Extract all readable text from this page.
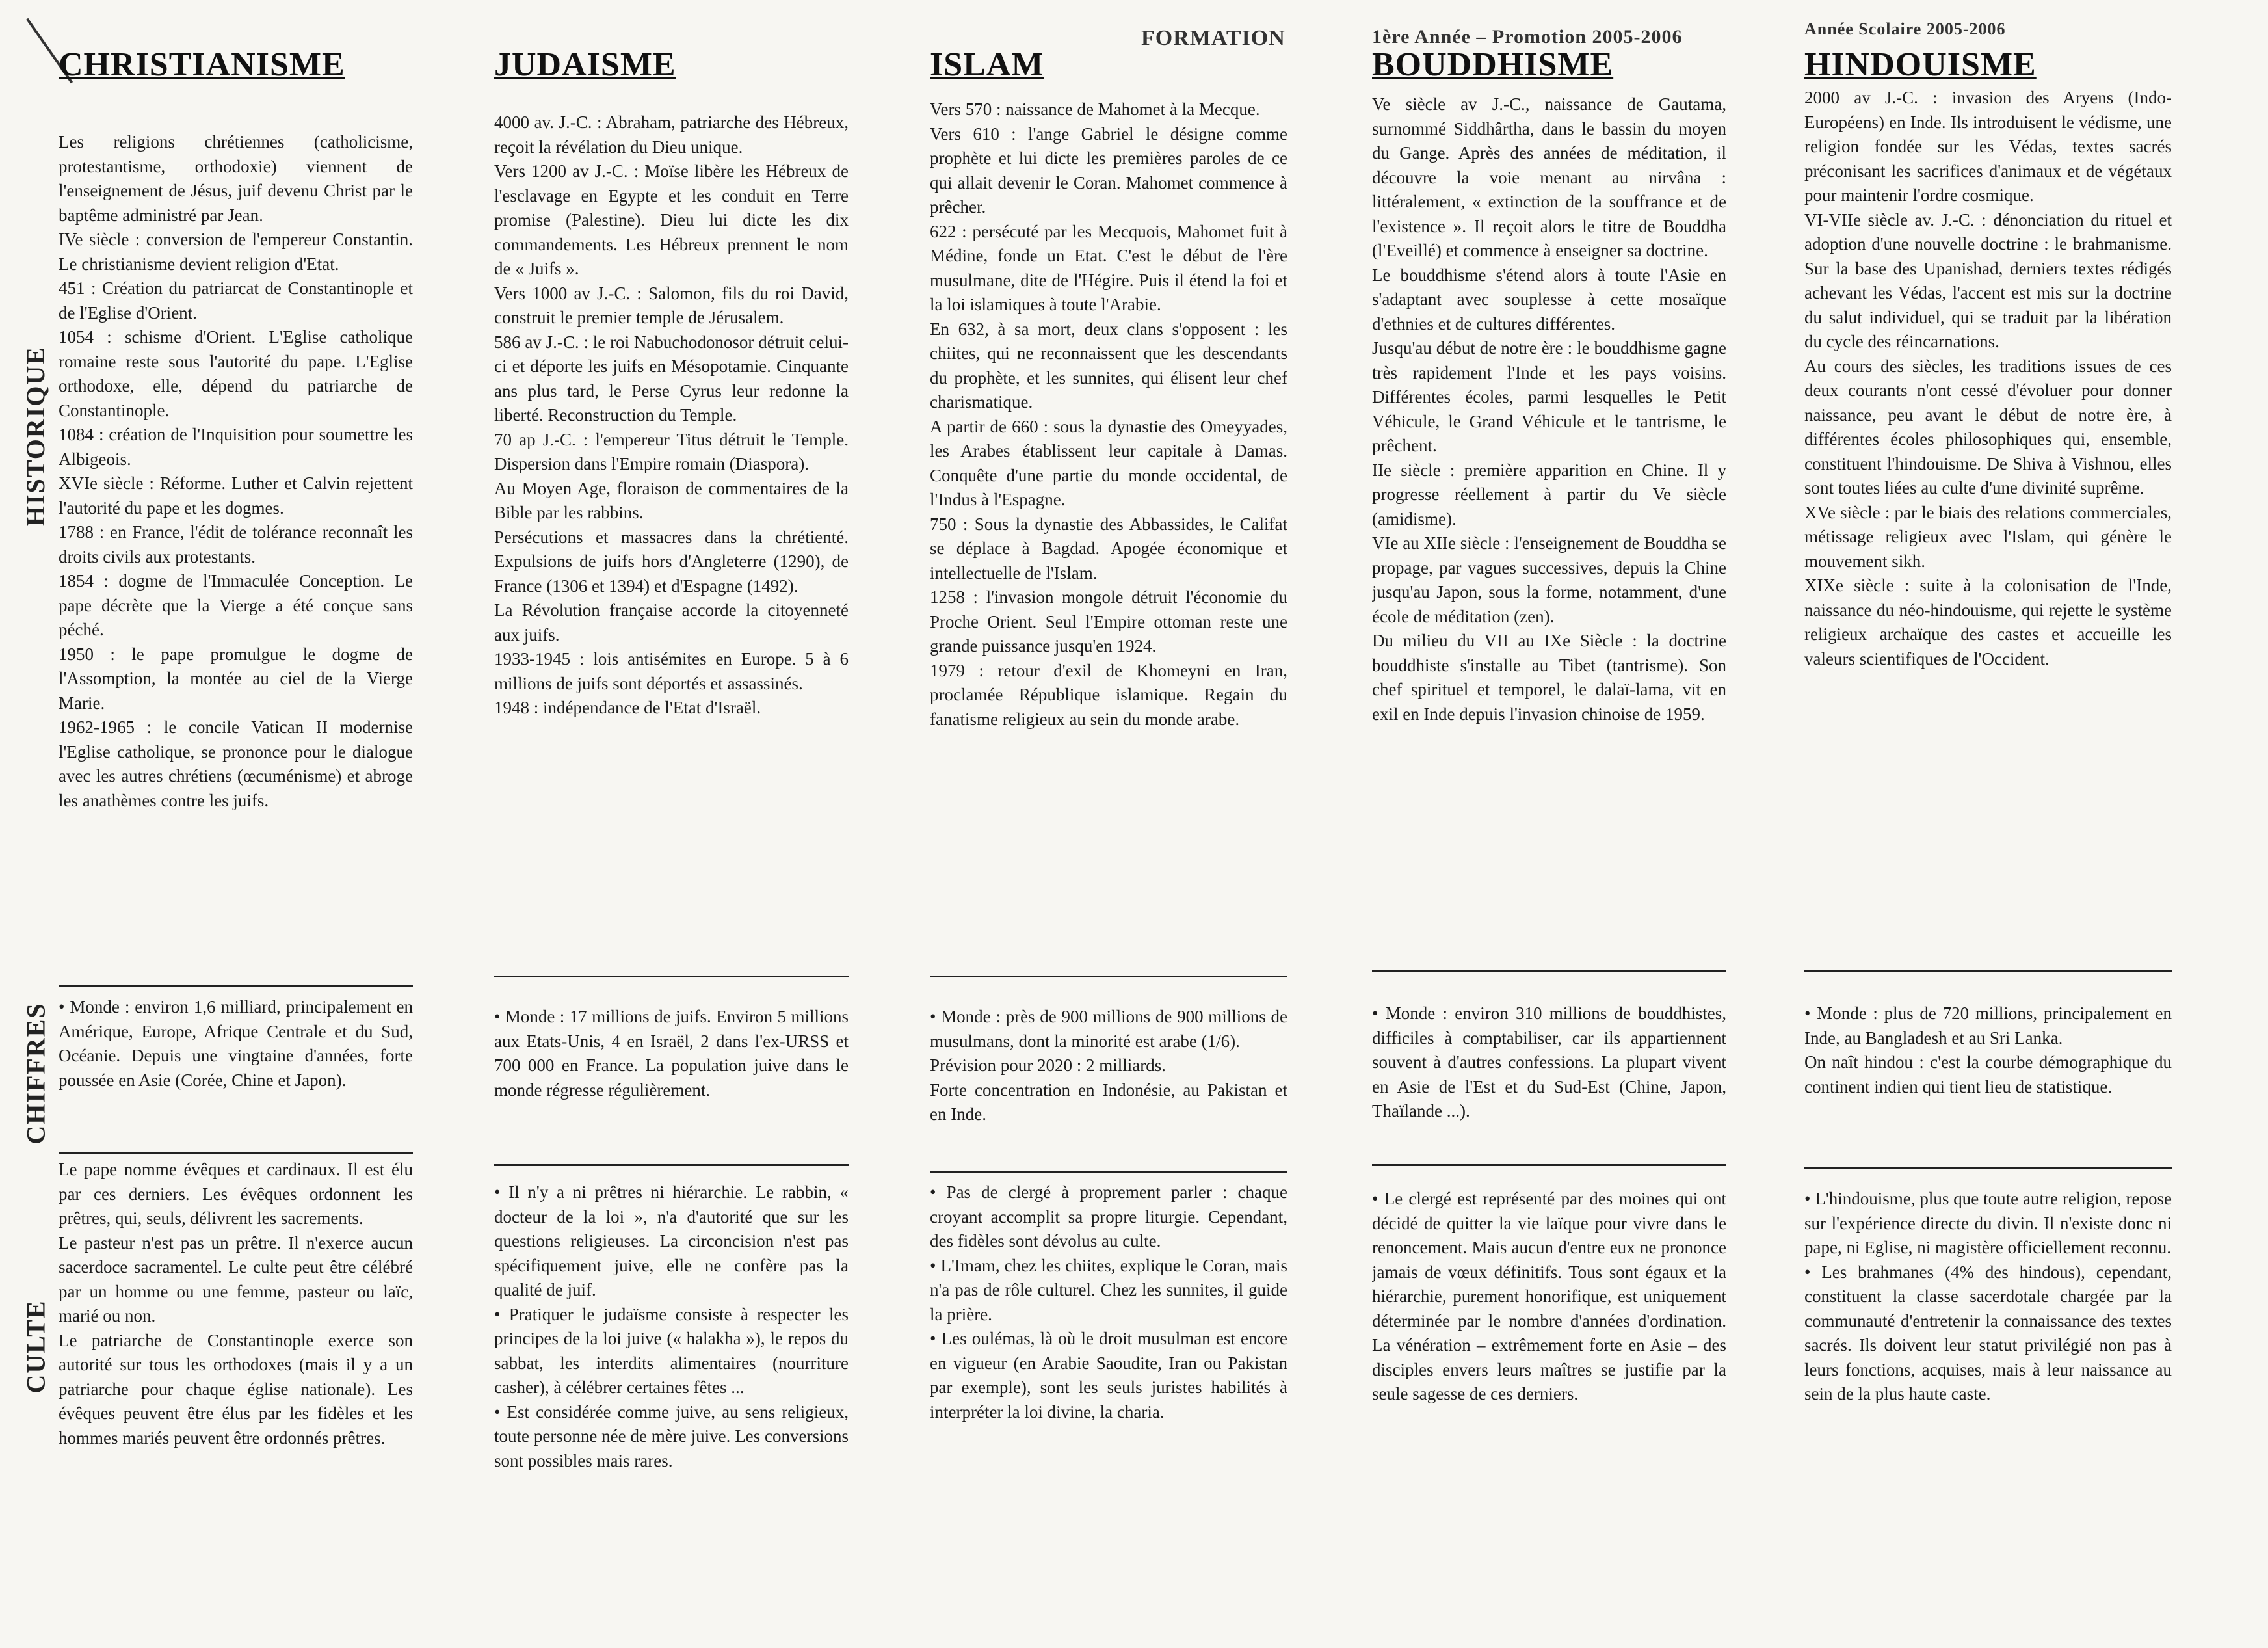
FORMATION	1ère Année – Promotion 2005-2006	Année Scolaire 2005-2006
HISTORIQUE
CHIFFRES
CULTE
CHRISTIANISME

Les religions chrétiennes (catholicisme, protestantisme, orthodoxie) viennent de l'enseignement de Jésus, juif devenu Christ par le baptême administré par Jean.

IVe siècle : conversion de l'empereur Constantin. Le christianisme devient religion d'Etat.

451 : Création du patriarcat de Constantinople et de l'Eglise d'Orient.

1054 : schisme d'Orient. L'Eglise catholique romaine reste sous l'autorité du pape. L'Eglise orthodoxe, elle, dépend du patriarche de Constantinople.

1084 : création de l'Inquisition pour soumettre les Albigeois.

XVIe siècle : Réforme. Luther et Calvin rejettent l'autorité du pape et les dogmes.

1788 : en France, l'édit de tolérance reconnaît les droits civils aux protestants.

1854 : dogme de l'Immaculée Conception. Le pape décrète que la Vierge a été conçue sans péché.

1950 : le pape promulgue le dogme de l'Assomption, la montée au ciel de la Vierge Marie.

1962-1965 : le concile Vatican II modernise l'Eglise catholique, se prononce pour le dialogue avec les autres chrétiens (œcuménisme) et abroge les anathèmes contre les juifs.

• Monde : environ 1,6 milliard, principalement en Amérique, Europe, Afrique Centrale et du Sud, Océanie. Depuis une vingtaine d'années, forte poussée en Asie (Corée, Chine et Japon).

Le pape nomme évêques et cardinaux. Il est élu par ces derniers. Les évêques ordonnent les prêtres, qui, seuls, délivrent les sacrements.

Le pasteur n'est pas un prêtre. Il n'exerce aucun sacerdoce sacramentel. Le culte peut être célébré par un homme ou une femme, pasteur ou laïc, marié ou non.

Le patriarche de Constantinople exerce son autorité sur tous les orthodoxes (mais il y a un patriarche pour chaque église nationale). Les évêques peuvent être élus par les fidèles et les hommes mariés peuvent être ordonnés prêtres.

JUDAISME

4000 av. J.-C. : Abraham, patriarche des Hébreux, reçoit la révélation du Dieu unique.

Vers 1200 av J.-C. : Moïse libère les Hébreux de l'esclavage en Egypte et les conduit en Terre promise (Palestine). Dieu lui dicte les dix commandements. Les Hébreux prennent le nom de « Juifs ».

Vers 1000 av J.-C. : Salomon, fils du roi David, construit le premier temple de Jérusalem.

586 av J.-C. : le roi Nabuchodonosor détruit celui-ci et déporte les juifs en Mésopotamie. Cinquante ans plus tard, le Perse Cyrus leur redonne la liberté. Reconstruction du Temple.

70 ap J.-C. : l'empereur Titus détruit le Temple. Dispersion dans l'Empire romain (Diaspora).

Au Moyen Age, floraison de commentaires de la Bible par les rabbins.

Persécutions et massacres dans la chrétienté. Expulsions de juifs hors d'Angleterre (1290), de France (1306 et 1394) et d'Espagne (1492).

La Révolution française accorde la citoyenneté aux juifs.

1933-1945 : lois antisémites en Europe. 5 à 6 millions de juifs sont déportés et assassinés.

1948 : indépendance de l'Etat d'Israël.

• Monde : 17 millions de juifs. Environ 5 millions aux Etats-Unis, 4 en Israël, 2 dans l'ex-URSS et 700 000 en France. La population juive dans le monde régresse régulièrement.

• Il n'y a ni prêtres ni hiérarchie. Le rabbin, « docteur de la loi », n'a d'autorité que sur les questions religieuses. La circoncision n'est pas spécifiquement juive, elle ne confère pas la qualité de juif.

• Pratiquer le judaïsme consiste à respecter les principes de la loi juive (« halakha »), le repos du sabbat, les interdits alimentaires (nourriture casher), à célébrer certaines fêtes ...

• Est considérée comme juive, au sens religieux, toute personne née de mère juive. Les conversions sont possibles mais rares.

ISLAM

Vers 570 : naissance de Mahomet à la Mecque.

Vers 610 : l'ange Gabriel le désigne comme prophète et lui dicte les premières paroles de ce qui allait devenir le Coran. Mahomet commence à prêcher.

622 : persécuté par les Mecquois, Mahomet fuit à Médine, fonde un Etat. C'est le début de l'ère musulmane, dite de l'Hégire. Puis il étend la foi et la loi islamiques à toute l'Arabie.

En 632, à sa mort, deux clans s'opposent : les chiites, qui ne reconnaissent que les descendants du prophète, et les sunnites, qui élisent leur chef charismatique.

A partir de 660 : sous la dynastie des Omeyyades, les Arabes établissent leur capitale à Damas. Conquête d'une partie du monde occidental, de l'Indus à l'Espagne.

750 : Sous la dynastie des Abbassides, le Califat se déplace à Bagdad. Apogée économique et intellectuelle de l'Islam.

1258 : l'invasion mongole détruit l'économie du Proche Orient. Seul l'Empire ottoman reste une grande puissance jusqu'en 1924.

1979 : retour d'exil de Khomeyni en Iran, proclamée République islamique. Regain du fanatisme religieux au sein du monde arabe.

• Monde : près de 900 millions de 900 millions de musulmans, dont la minorité est arabe (1/6).

Prévision pour 2020 : 2 milliards.

Forte concentration en Indonésie, au Pakistan et en Inde.

• Pas de clergé à proprement parler : chaque croyant accomplit sa propre liturgie. Cependant, des fidèles sont dévolus au culte.

• L'Imam, chez les chiites, explique le Coran, mais n'a pas de rôle culturel. Chez les sunnites, il guide la prière.

• Les oulémas, là où le droit musulman est encore en vigueur (en Arabie Saoudite, Iran ou Pakistan par exemple), sont les seuls juristes habilités à interpréter la loi divine, la charia.

BOUDDHISME

Ve siècle av J.-C., naissance de Gautama, surnommé Siddhârtha, dans le bassin du moyen du Gange. Après des années de méditation, il découvre la voie menant au nirvâna : littéralement, « extinction de la souffrance et de l'existence ». Il reçoit alors le titre de Bouddha (l'Eveillé) et commence à enseigner sa doctrine.

Le bouddhisme s'étend alors à toute l'Asie en s'adaptant avec souplesse à cette mosaïque d'ethnies et de cultures différentes.

Jusqu'au début de notre ère : le bouddhisme gagne très rapidement l'Inde et les pays voisins. Différentes écoles, parmi lesquelles le Petit Véhicule, le Grand Véhicule et le tantrisme, le prêchent.

IIe siècle : première apparition en Chine. Il y progresse réellement à partir du Ve siècle (amidisme).

VIe au XIIe siècle : l'enseignement de Bouddha se propage, par vagues successives, depuis la Chine jusqu'au Japon, sous la forme, notamment, d'une école de méditation (zen).

Du milieu du VII au IXe Siècle : la doctrine bouddhiste s'installe au Tibet (tantrisme). Son chef spirituel et temporel, le dalaï-lama, vit en exil en Inde depuis l'invasion chinoise de 1959.

• Monde : environ 310 millions de bouddhistes, difficiles à comptabiliser, car ils appartiennent souvent à d'autres confessions. La plupart vivent en Asie de l'Est et du Sud-Est (Chine, Japon, Thaïlande ...).

• Le clergé est représenté par des moines qui ont décidé de quitter la vie laïque pour vivre dans le renoncement. Mais aucun d'entre eux ne prononce jamais de vœux définitifs. Tous sont égaux et la hiérarchie, purement honorifique, est uniquement déterminée par le nombre d'années d'ordination. La vénération – extrêmement forte en Asie – des disciples envers leurs maîtres se justifie par la seule sagesse de ces derniers.

HINDOUISME

2000 av J.-C. : invasion des Aryens (Indo-Européens) en Inde. Ils introduisent le védisme, une religion fondée sur les Védas, textes sacrés préconisant les sacrifices d'animaux et de végétaux pour maintenir l'ordre cosmique.

VI-VIIe siècle av. J.-C. : dénonciation du rituel et adoption d'une nouvelle doctrine : le brahmanisme. Sur la base des Upanishad, derniers textes rédigés achevant les Védas, l'accent est mis sur la doctrine du salut individuel, qui se traduit par la libération du cycle des réincarnations.

Au cours des siècles, les traditions issues de ces deux courants n'ont cessé d'évoluer pour donner naissance, peu avant le début de notre ère, à différentes écoles philosophiques qui, ensemble, constituent l'hindouisme. De Shiva à Vishnou, elles sont toutes liées au culte d'une divinité suprême.

XVe siècle : par le biais des relations commerciales, métissage religieux avec l'Islam, qui génère le mouvement sikh.

XIXe siècle : suite à la colonisation de l'Inde, naissance du néo-hindouisme, qui rejette le système religieux archaïque des castes et accueille les valeurs scientifiques de l'Occident.

• Monde : plus de 720 millions, principalement en Inde, au Bangladesh et au Sri Lanka.

On naît hindou : c'est la courbe démographique du continent indien qui tient lieu de statistique.

• L'hindouisme, plus que toute autre religion, repose sur l'expérience directe du divin. Il n'existe donc ni pape, ni Eglise, ni magistère officiellement reconnu.

• Les brahmanes (4% des hindous), cependant, constituent la classe sacerdotale chargée par la communauté d'entretenir la connaissance des textes sacrés. Ils doivent leur statut privilégié non pas à leurs fonctions, acquises, mais à leur naissance au sein de la plus haute caste.
